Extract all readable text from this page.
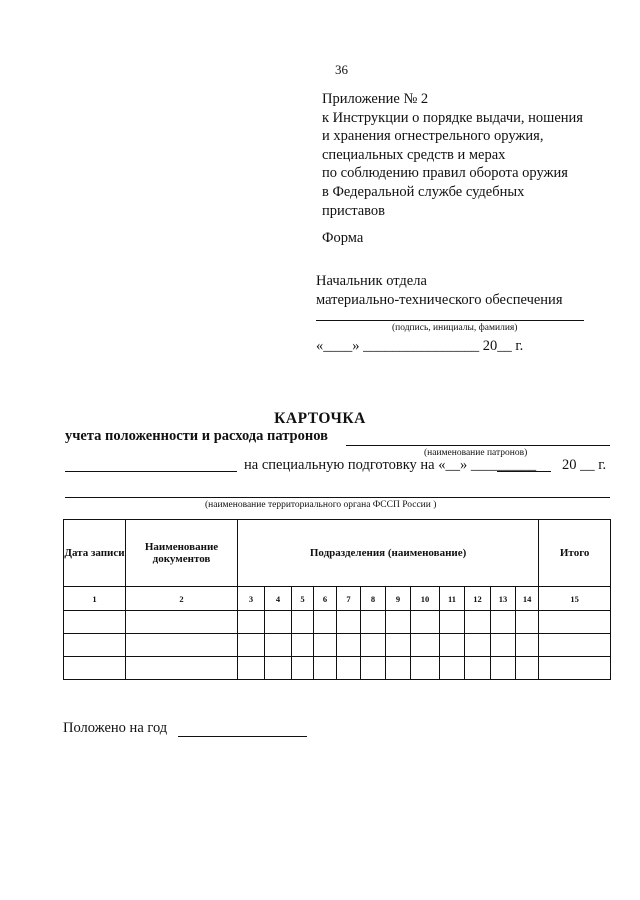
36
Приложение № 2
к Инструкции о порядке выдачи, ношения
и хранения огнестрельного оружия,
специальных средств и мерах
по соблюдению правил оборота оружия
в Федеральной службе судебных
приставов
Форма
Начальник отдела
материально-технического обеспечения
(подпись, инициалы, фамилия)
«____» ________________ 20__ г.
КАРТОЧКА
учета положенности и расхода патронов
(наименование патронов)
на специальную подготовку на «__» _________ 20 __ г.
(наименование территориального органа ФССП России )
Дата записи	Наименование документов	Подразделения (наименование)												Итого
1	2	3	4	5	6	7	8	9	10	11	12	13	14	15

Положено на год
